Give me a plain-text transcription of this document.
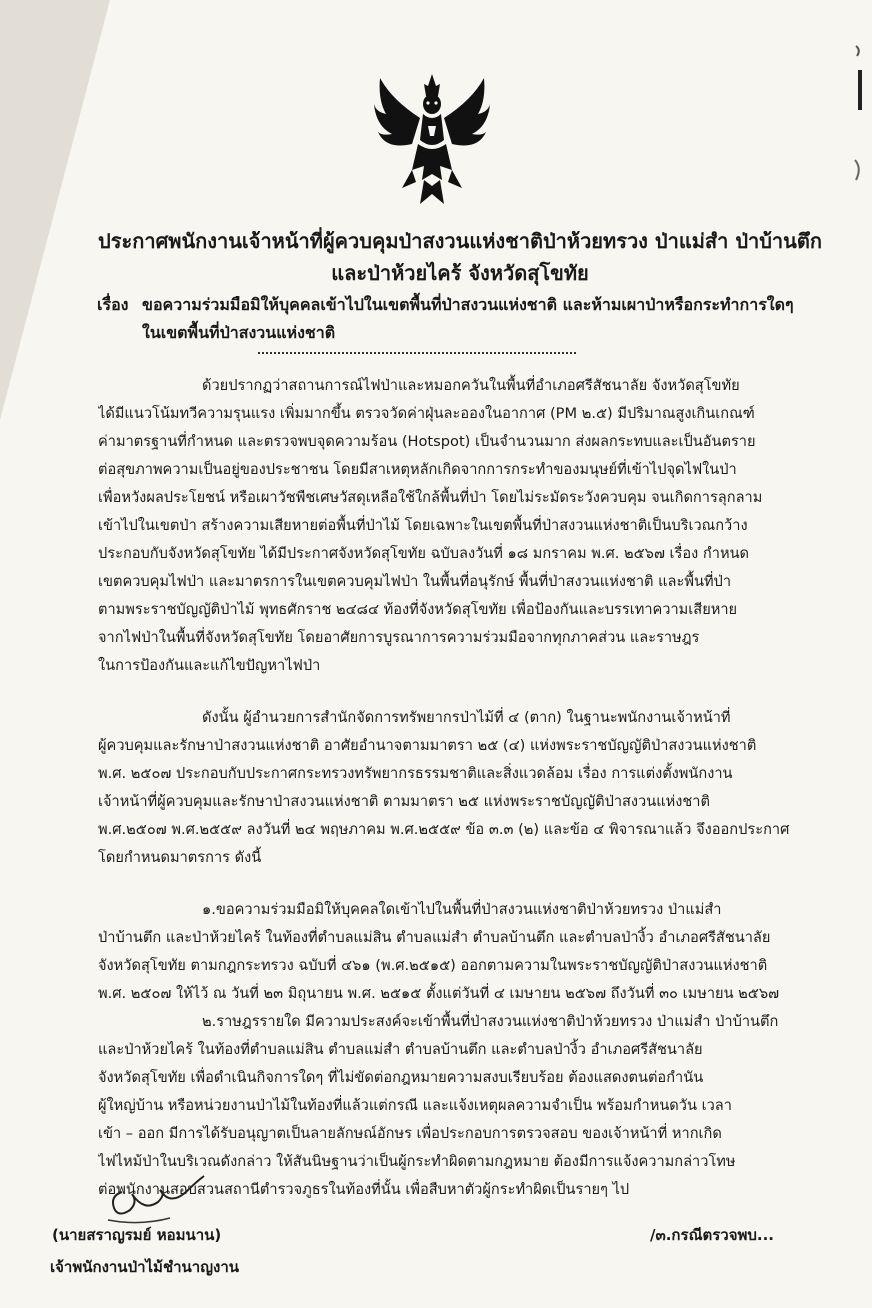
ประกาศพนักงานเจ้าหน้าที่ผู้ควบคุมป่าสงวนแห่งชาติป่าห้วยทรวง ป่าแม่สำ ป่าบ้านตึก
และป่าห้วยไคร้ จังหวัดสุโขทัย
เรื่อง ขอความร่วมมือมิให้บุคคลเข้าไปในเขตพื้นที่ป่าสงวนแห่งชาติ และห้ามเผาป่าหรือกระทำการใดๆ
ในเขตพื้นที่ป่าสงวนแห่งชาติ
ด้วยปรากฏว่าสถานการณ์ไฟป่าและหมอกควันในพื้นที่อำเภอศรีสัชนาลัย จังหวัดสุโขทัย
ได้มีแนวโน้มทวีความรุนแรง เพิ่มมากขึ้น ตรวจวัดค่าฝุ่นละอองในอากาศ (PM ๒.๕) มีปริมาณสูงเกินเกณฑ์
ค่ามาตรฐานที่กำหนด และตรวจพบจุดความร้อน (Hotspot) เป็นจำนวนมาก ส่งผลกระทบและเป็นอันตราย
ต่อสุขภาพความเป็นอยู่ของประชาชน โดยมีสาเหตุหลักเกิดจากการกระทำของมนุษย์ที่เข้าไปจุดไฟในป่า
เพื่อหวังผลประโยชน์ หรือเผาวัชพืชเศษวัสดุเหลือใช้ใกล้พื้นที่ป่า โดยไม่ระมัดระวังควบคุม จนเกิดการลุกลาม
เข้าไปในเขตป่า สร้างความเสียหายต่อพื้นที่ป่าไม้ โดยเฉพาะในเขตพื้นที่ป่าสงวนแห่งชาติเป็นบริเวณกว้าง
ประกอบกับจังหวัดสุโขทัย ได้มีประกาศจังหวัดสุโขทัย ฉบับลงวันที่ ๑๘ มกราคม พ.ศ. ๒๕๖๗ เรื่อง กำหนด
เขตควบคุมไฟป่า และมาตรการในเขตควบคุมไฟป่า ในพื้นที่อนุรักษ์ พื้นที่ป่าสงวนแห่งชาติ และพื้นที่ป่า
ตามพระราชบัญญัติป่าไม้ พุทธศักราช ๒๔๘๔ ท้องที่จังหวัดสุโขทัย เพื่อป้องกันและบรรเทาความเสียหาย
จากไฟป่าในพื้นที่จังหวัดสุโขทัย โดยอาศัยการบูรณาการความร่วมมือจากทุกภาคส่วน และราษฎร
ในการป้องกันและแก้ไขปัญหาไฟป่า
ดังนั้น ผู้อำนวยการสำนักจัดการทรัพยากรป่าไม้ที่ ๔ (ตาก) ในฐานะพนักงานเจ้าหน้าที่
ผู้ควบคุมและรักษาป่าสงวนแห่งชาติ อาศัยอำนาจตามมาตรา ๒๕ (๔) แห่งพระราชบัญญัติป่าสงวนแห่งชาติ
พ.ศ. ๒๕๐๗ ประกอบกับประกาศกระทรวงทรัพยากรธรรมชาติและสิ่งแวดล้อม เรื่อง การแต่งตั้งพนักงาน
เจ้าหน้าที่ผู้ควบคุมและรักษาป่าสงวนแห่งชาติ ตามมาตรา ๒๕ แห่งพระราชบัญญัติป่าสงวนแห่งชาติ
พ.ศ.๒๕๐๗ พ.ศ.๒๕๕๙ ลงวันที่ ๒๔ พฤษภาคม พ.ศ.๒๕๕๙ ข้อ ๓.๓ (๒) และข้อ ๔ พิจารณาแล้ว จึงออกประกาศ
โดยกำหนดมาตรการ ดังนี้
๑.ขอความร่วมมือมิให้บุคคลใดเข้าไปในพื้นที่ป่าสงวนแห่งชาติป่าห้วยทรวง ป่าแม่สำ
ป่าบ้านตึก และป่าห้วยไคร้ ในท้องที่ตำบลแม่สิน ตำบลแม่สำ ตำบลบ้านตึก และตำบลป่างิ้ว อำเภอศรีสัชนาลัย
จังหวัดสุโขทัย ตามกฎกระทรวง ฉบับที่ ๔๖๑ (พ.ศ.๒๕๑๕) ออกตามความในพระราชบัญญัติป่าสงวนแห่งชาติ
พ.ศ. ๒๕๐๗ ให้ไว้ ณ วันที่ ๒๓ มิถุนายน พ.ศ. ๒๕๑๕ ตั้งแต่วันที่ ๔ เมษายน ๒๕๖๗ ถึงวันที่ ๓๐ เมษายน ๒๕๖๗
๒.ราษฎรรายใด มีความประสงค์จะเข้าพื้นที่ป่าสงวนแห่งชาติป่าห้วยทรวง ป่าแม่สำ ป่าบ้านตึก
และป่าห้วยไคร้ ในท้องที่ตำบลแม่สิน ตำบลแม่สำ ตำบลบ้านตึก และตำบลป่างิ้ว อำเภอศรีสัชนาลัย
จังหวัดสุโขทัย เพื่อดำเนินกิจการใดๆ ที่ไม่ขัดต่อกฎหมายความสงบเรียบร้อย ต้องแสดงตนต่อกำนัน
ผู้ใหญ่บ้าน หรือหน่วยงานป่าไม้ในท้องที่แล้วแต่กรณี และแจ้งเหตุผลความจำเป็น พร้อมกำหนดวัน เวลา
เข้า – ออก มีการได้รับอนุญาตเป็นลายลักษณ์อักษร เพื่อประกอบการตรวจสอบ ของเจ้าหน้าที่ หากเกิด
ไฟไหม้ป่าในบริเวณดังกล่าว ให้สันนิษฐานว่าเป็นผู้กระทำผิดตามกฎหมาย ต้องมีการแจ้งความกล่าวโทษ
ต่อพนักงานสอบสวนสถานีตำรวจภูธรในท้องที่นั้น เพื่อสืบหาตัวผู้กระทำผิดเป็นรายๆ ไป
(นายสราญรมย์ หอมนาน)
เจ้าพนักงานป่าไม้ชำนาญงาน
/๓.กรณีตรวจพบ...
